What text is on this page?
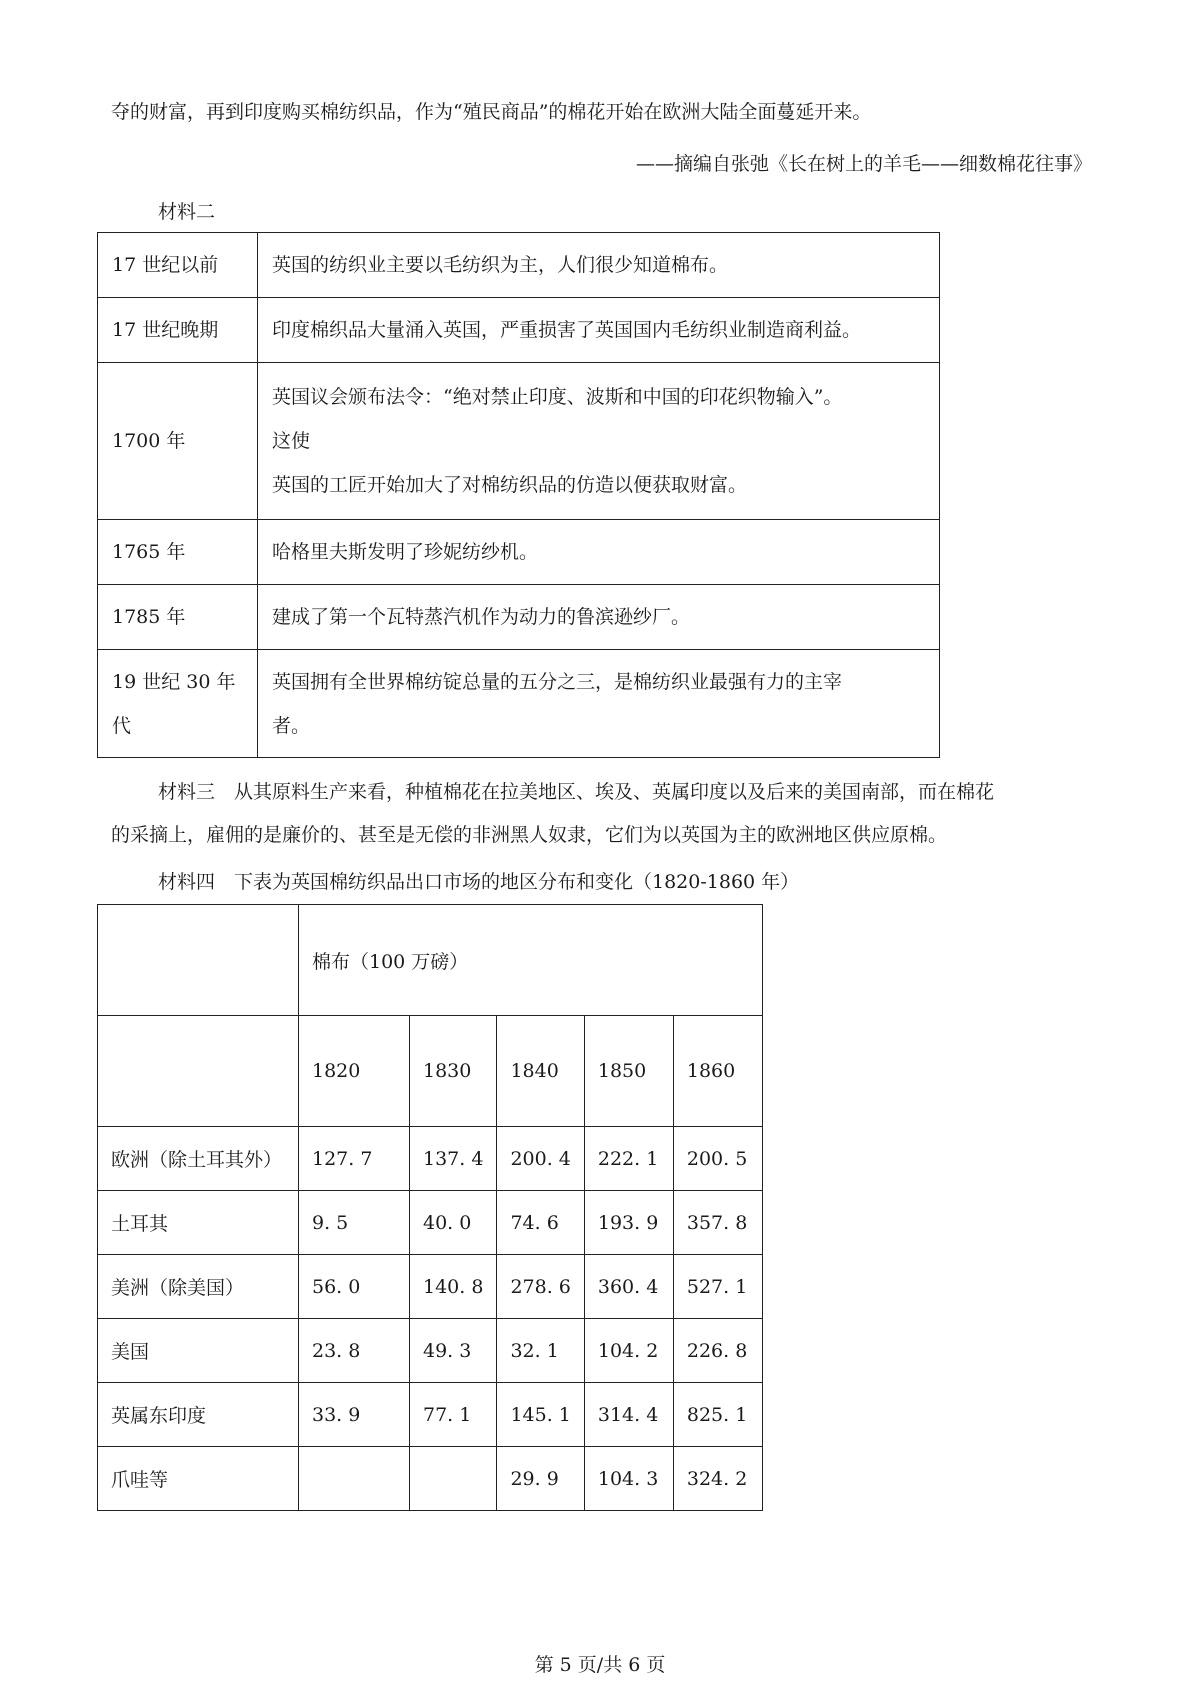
夺的财富，再到印度购买棉纺织品，作为“殖民商品”的棉花开始在欧洲大陆全面蔓延开来。
——摘编自张弛《长在树上的羊毛——细数棉花往事》
材料二
17 世纪以前	英国的纺织业主要以毛纺织为主，人们很少知道棉布。

17 世纪晚期	印度棉织品大量涌入英国，严重损害了英国国内毛纺织业制造商利益。

1700 年	英国议会颁布法令：“绝对禁止印度、波斯和中国的印花织物输入”。
这使
英国的工匠开始加大了对棉纺织品的仿造以便获取财富。

1765 年	哈格里夫斯发明了珍妮纺纱机。

1785 年	建成了第一个瓦特蒸汽机作为动力的鲁滨逊纱厂。

19 世纪 30 年
代	英国拥有全世界棉纺锭总量的五分之三，是棉纺织业最强有力的主宰
者。
材料三　从其原料生产来看，种植棉花在拉美地区、埃及、英属印度以及后来的美国南部，而在棉花
的采摘上，雇佣的是廉价的、甚至是无偿的非洲黑人奴隶，它们为以英国为主的欧洲地区供应原棉。
材料四　下表为英国棉纺织品出口市场的地区分布和变化（1820-1860 年）
	棉布（100 万磅）				
	1820	1830	1840	1850	1860
欧洲（除土耳其外）	127. 7	137. 4	200. 4	222. 1	200. 5
土耳其	9. 5	40. 0	74. 6	193. 9	357. 8
美洲（除美国）	56. 0	140. 8	278. 6	360. 4	527. 1
美国	23. 8	49. 3	32. 1	104. 2	226. 8
英属东印度	33. 9	77. 1	145. 1	314. 4	825. 1
爪哇等			29. 9	104. 3	324. 2
第 5 页/共 6 页
